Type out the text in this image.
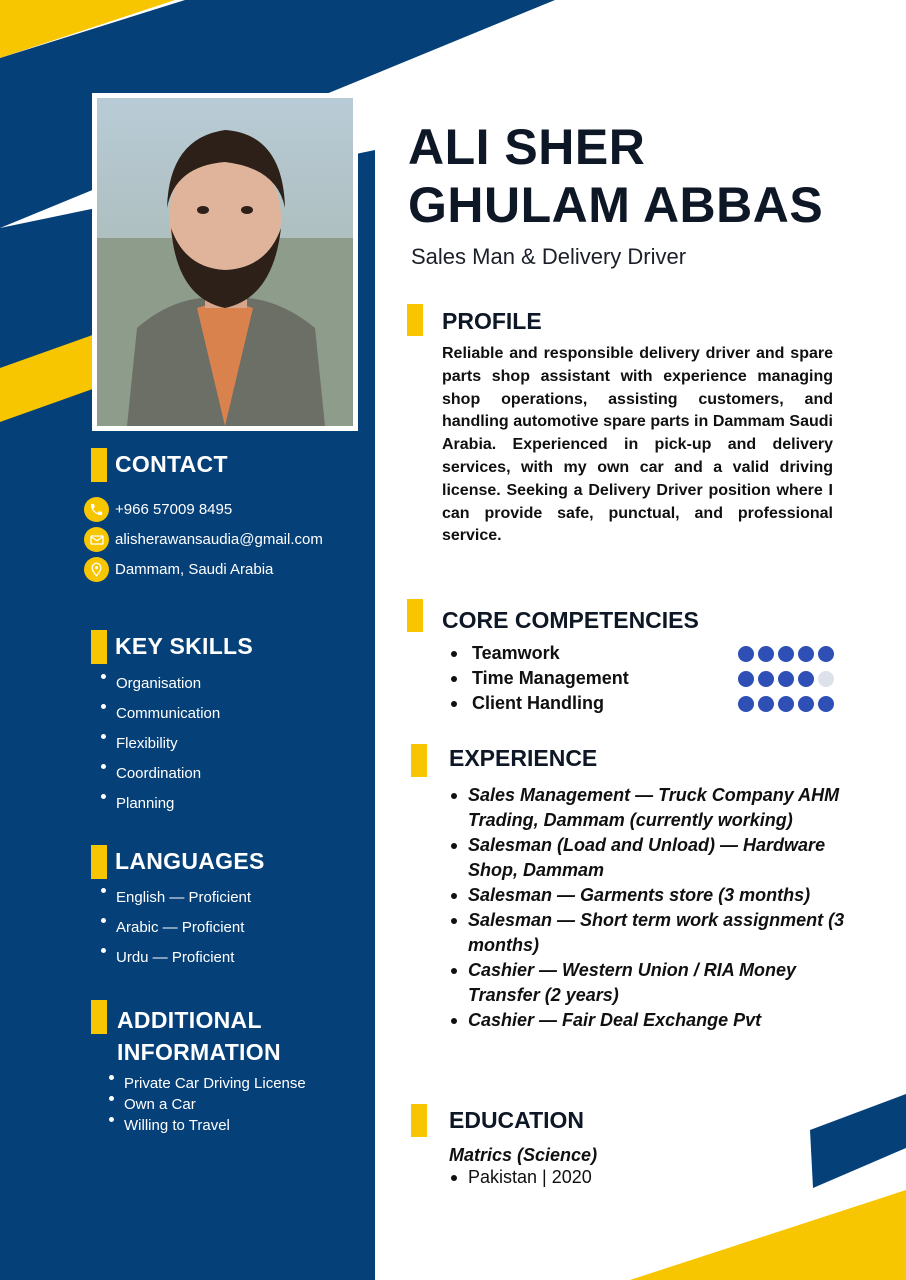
CONTACT
+966 57009 8495
alisherawansaudia@gmail.com
Dammam, Saudi Arabia
KEY SKILLS
Organisation
Communication
Flexibility
Coordination
Planning
LANGUAGES
English — Proficient
Arabic — Proficient
Urdu — Proficient
ADDITIONAL
INFORMATION
Private Car Driving License
Own a Car
Willing to Travel
ALI SHER
GHULAM ABBAS
Sales Man & Delivery Driver
PROFILE
Reliable and responsible delivery driver and spare parts shop assistant with experience managing shop operations, assisting customers, and handling automotive spare parts in Dammam Saudi Arabia. Experienced in pick-up and delivery services, with my own car and a valid driving license. Seeking a Delivery Driver position where I can provide safe, punctual, and professional service.
CORE COMPETENCIES
Teamwork
Time Management
Client Handling
EXPERIENCE
Sales Management — Truck Company AHM Trading, Dammam (currently working)
Salesman (Load and Unload) — Hardware Shop, Dammam
Salesman — Garments store (3 months)
Salesman — Short term work assignment (3 months)
Cashier — Western Union / RIA Money Transfer (2 years)
Cashier — Fair Deal Exchange Pvt
EDUCATION
Matrics (Science)
Pakistan | 2020
